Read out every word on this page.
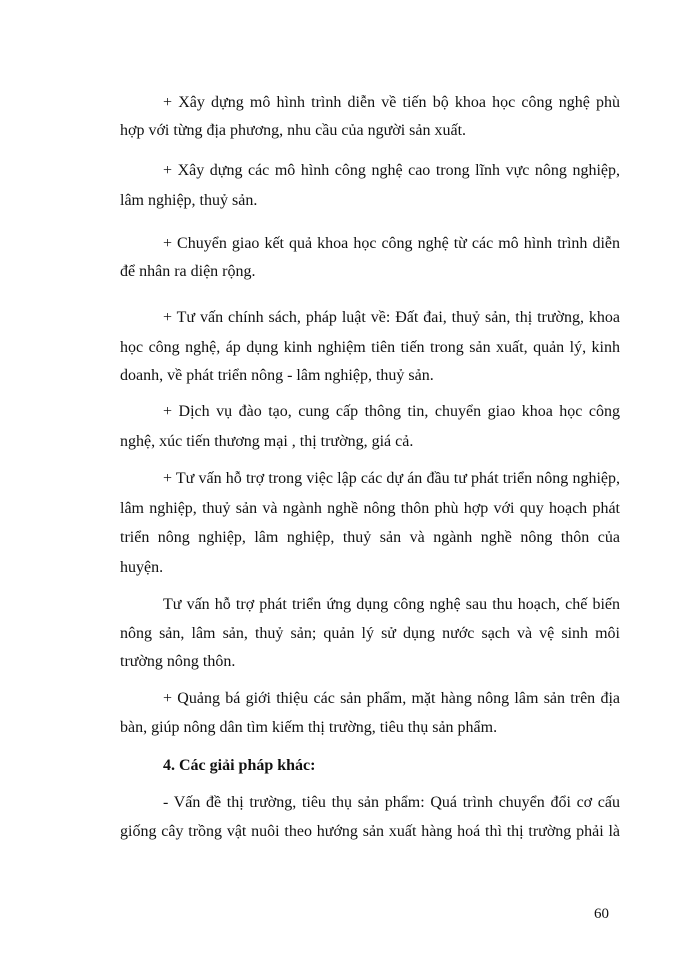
+ Xây dựng mô hình trình diễn về tiến bộ khoa học công nghệ phù
hợp với từng địa phương, nhu cầu của người sản xuất.
+ Xây dựng các mô hình công nghệ cao trong lĩnh vực nông nghiệp,
lâm nghiệp, thuỷ sản.
+ Chuyển giao kết quả khoa học công nghệ từ các mô hình trình diễn
để nhân ra diện rộng.
+ Tư vấn chính sách, pháp luật về: Đất đai, thuỷ sản, thị trường, khoa
học công nghệ, áp dụng kinh nghiệm tiên tiến trong sản xuất, quản lý, kinh
doanh, về phát triển nông - lâm nghiệp, thuỷ sản.
+ Dịch vụ đào tạo, cung cấp thông tin, chuyển giao khoa học công
nghệ, xúc tiến thương mại , thị trường, giá cả.
+ Tư vấn hỗ trợ trong việc lập các dự án đầu tư phát triển nông nghiệp,
lâm nghiệp, thuỷ sản và ngành nghề nông thôn phù hợp với quy hoạch phát
triển nông nghiệp, lâm nghiệp, thuỷ sản và ngành nghề nông thôn của
huyện.
Tư vấn hỗ trợ phát triển ứng dụng công nghệ sau thu hoạch, chế biến
nông sản, lâm sản, thuỷ sản; quản lý sử dụng nước sạch và vệ sinh môi
trường nông thôn.
+ Quảng bá giới thiệu các sản phẩm, mặt hàng nông lâm sản trên địa
bàn, giúp nông dân tìm kiếm thị trường, tiêu thụ sản phẩm.
4. Các giải pháp khác:
- Vấn đề thị trường, tiêu thụ sản phẩm: Quá trình chuyển đổi cơ cấu
giống cây trồng vật nuôi theo hướng sản xuất hàng hoá thì thị trường phải là
60
